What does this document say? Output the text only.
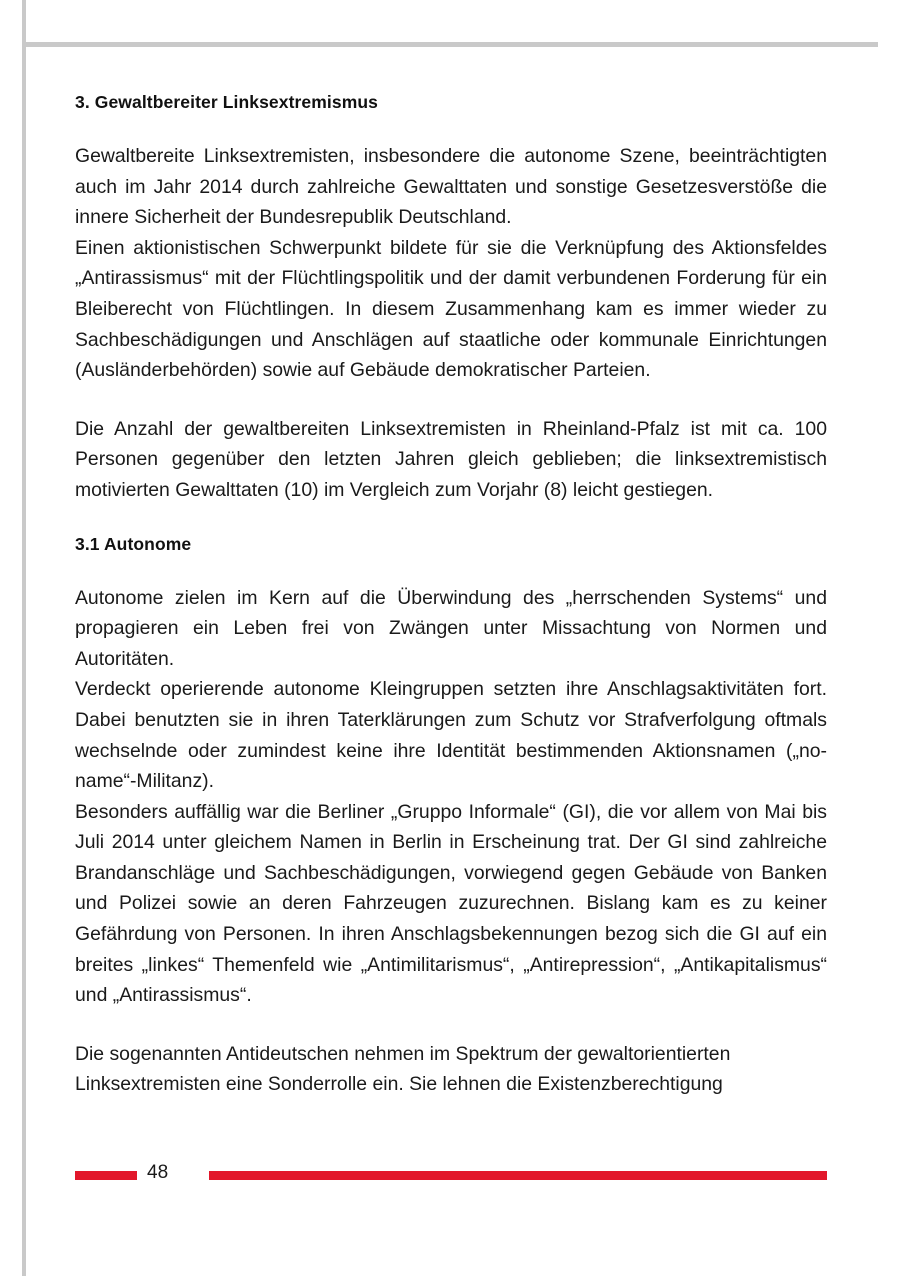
3. Gewaltbereiter Linksextremismus

Gewaltbereite Linksextremisten, insbesondere die autonome Szene, beeinträchtigten auch im Jahr 2014 durch zahlreiche Gewalttaten und sonstige Gesetzesverstöße die innere Sicherheit der Bundesrepublik Deutschland.

Einen aktionistischen Schwerpunkt bildete für sie die Verknüpfung des Aktionsfeldes „Antirassismus“ mit der Flüchtlingspolitik und der damit verbundenen Forderung für ein Bleiberecht von Flüchtlingen. In diesem Zusammenhang kam es immer wieder zu Sachbeschädigungen und Anschlägen auf staatliche oder kommunale Einrichtungen (Ausländerbehörden) sowie auf Gebäude demokratischer Parteien.

Die Anzahl der gewaltbereiten Linksextremisten in Rheinland-Pfalz ist mit ca. 100 Personen gegenüber den letzten Jahren gleich geblieben; die linksextremistisch motivierten Gewalttaten (10) im Vergleich zum Vorjahr (8) leicht gestiegen.

3.1 Autonome

Autonome zielen im Kern auf die Überwindung des „herrschenden Systems“ und propagieren ein Leben frei von Zwängen unter Missachtung von Normen und Autoritäten.

Verdeckt operierende autonome Kleingruppen setzten ihre Anschlagsaktivitäten fort. Dabei benutzten sie in ihren Taterklärungen zum Schutz vor Strafverfolgung oftmals wechselnde oder zumindest keine ihre Identität bestimmenden Aktionsnamen („no-name“-Militanz).

Besonders auffällig war die Berliner „Gruppo Informale“ (GI), die vor allem von Mai bis Juli 2014 unter gleichem Namen in Berlin in Erscheinung trat. Der GI sind zahlreiche Brandanschläge und Sachbeschädigungen, vorwiegend gegen Gebäude von Banken und Polizei sowie an deren Fahrzeugen zuzurechnen. Bislang kam es zu keiner Gefährdung von Personen. In ihren Anschlagsbekennungen bezog sich die GI auf ein breites „linkes“ Themenfeld wie „Antimilitarismus“, „Antirepression“, „Antikapitalismus“ und „Antirassismus“.

Die sogenannten Antideutschen nehmen im Spektrum der gewaltorientierten Linksextremisten eine Sonderrolle ein. Sie lehnen die Existenzberechtigung

48
